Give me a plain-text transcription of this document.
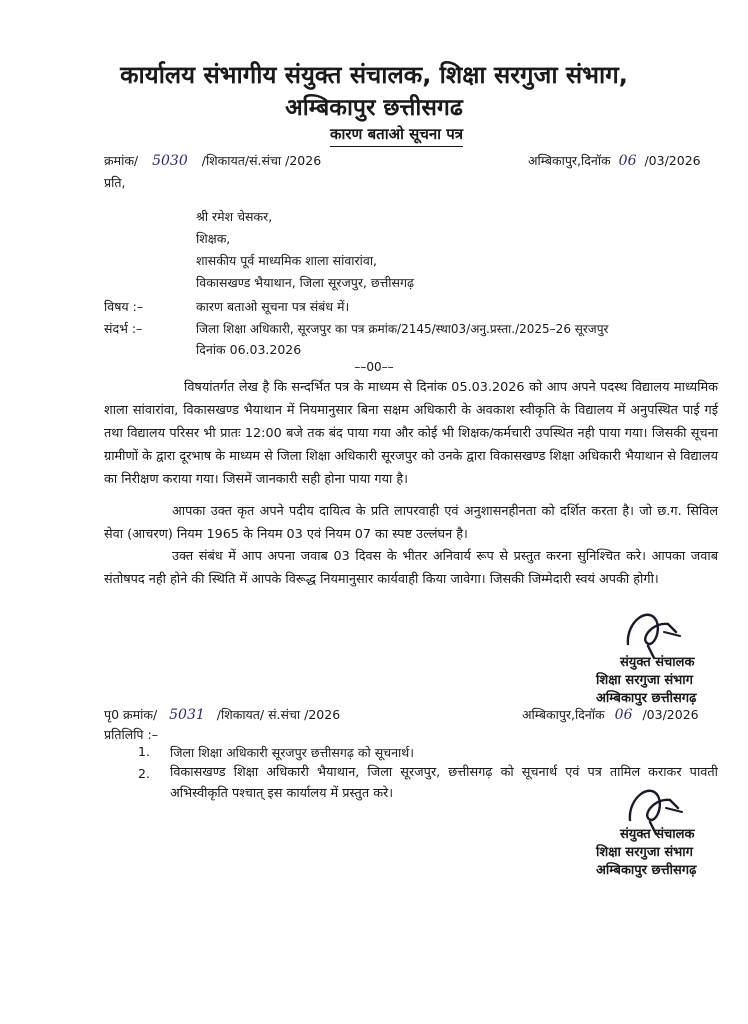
कार्यालय संभागीय संयुक्त संचालक, शिक्षा सरगुजा संभाग,
अम्बिकापुर छत्तीसगढ
कारण बताओ सूचना पत्र
क्रमांक/ 5030 /शिकायत/सं.संचा /2026	अम्बिकापुर,दिनॉक 06 /03/2026
प्रति,
श्री रमेश चेसकर,
शिक्षक,
शासकीय पूर्व माध्यमिक शाला सांवारांवा,
विकासखण्ड भैयाथान, जिला सूरजपुर, छत्तीसगढ़
विषय :–	कारण बताओ सूचना पत्र संबंध में।
संदर्भ :–	जिला शिक्षा अधिकारी, सूरजपुर का पत्र क्रमांक/2145/स्था03/अनु.प्रस्ता./2025–26 सूरजपुर
दिनांक 06.03.2026
––00––
विषयांतर्गत लेख है कि सन्दर्भित पत्र के माध्यम से दिनांक 05.03.2026 को आप अपने पदस्थ विद्यालय माध्यमिक शाला सांवारांवा, विकासखण्ड भैयाथान में नियमानुसार बिना सक्षम अधिकारी के अवकाश स्वीकृति के विद्यालय में अनुपस्थित पाई गई तथा विद्यालय परिसर भी प्रातः 12:00 बजे तक बंद पाया गया और कोई भी शिक्षक/कर्मचारी उपस्थित नही पाया गया। जिसकी सूचना ग्रामीणों के द्वारा दूरभाष के माध्यम से जिला शिक्षा अधिकारी सूरजपुर को उनके द्वारा विकासखण्ड शिक्षा अधिकारी भैयाथान से विद्यालय का निरीक्षण कराया गया। जिसमें जानकारी सही होना पाया गया है।
आपका उक्त कृत अपने पदीय दायित्व के प्रति लापरवाही एवं अनुशासनहीनता को दर्शित करता है। जो छ.ग. सिविल सेवा (आचरण) नियम 1965 के नियम 03 एवं नियम 07 का स्पष्ट उल्लंघन है।
उक्त संबंध में आप अपना जवाब 03 दिवस के भीतर अनिवार्य रूप से प्रस्तुत करना सुनिश्चित करे। आपका जवाब संतोषपद नही होने की स्थिति में आपके विरूद्ध नियमानुसार कार्यवाही किया जावेगा। जिसकी जिम्मेदारी स्वयं अपकी होगी।
संयुक्त संचालक
शिक्षा सरगुजा संभाग
अम्बिकापुर छत्तीसगढ़
पृ0 क्रमांक/ 5031 /शिकायत/ सं.संचा /2026	अम्बिकापुर,दिनॉक 06 /03/2026
प्रतिलिपि :–
1. जिला शिक्षा अधिकारी सूरजपुर छत्तीसगढ़ को सूचनार्थ।
2. विकासखण्ड शिक्षा अधिकारी भैयाथान, जिला सूरजपुर, छत्तीसगढ़ को सूचनार्थ एवं पत्र तामिल कराकर पावती अभिस्वीकृति पश्चात् इस कार्यालय में प्रस्तुत करे।
संयुक्त संचालक
शिक्षा सरगुजा संभाग
अम्बिकापुर छत्तीसगढ़
